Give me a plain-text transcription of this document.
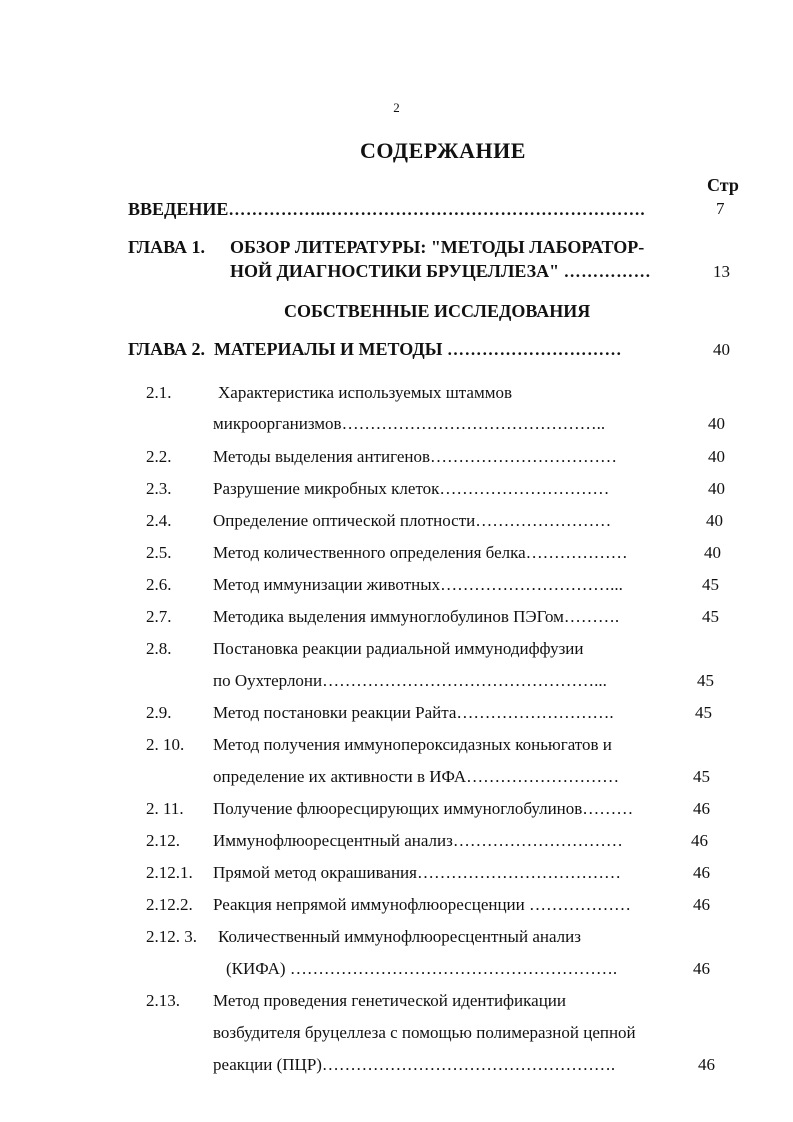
2
СОДЕРЖАНИЕ
Стр
ВВЕДЕНИЕ……………..……………………………………………….	7
ГЛАВА 1. ОБЗОР ЛИТЕРАТУРЫ: "МЕТОДЫ ЛАБОРАТОР-
НОЙ ДИАГНОСТИКИ БРУЦЕЛЛЕЗА" ……………	13
СОБСТВЕННЫЕ ИССЛЕДОВАНИЯ
ГЛАВА 2. МАТЕРИАЛЫ И МЕТОДЫ …………………………	40
2.1.	Характеристика используемых штаммов
микроорганизмов………………………………………..	40
2.2. Методы выделения антигенов……………………………	40
2.3. Разрушение микробных клеток…………………………	40
2.4. Определение оптической плотности……………………	40
2.5. Метод количественного определения белка………………	40
2.6. Метод иммунизации животных…………………………...	45
2.7. Методика выделения иммуноглобулинов ПЭГом……….	45
2.8. Постановка реакции радиальной иммунодиффузии
по Оухтерлони…………………………………………...	45
2.9. Метод постановки реакции Райта……………………….	45
2. 10. Метод получения иммунопероксидазных коньюгатов и
определение их активности в ИФА………………………	45
2. 11. Получение флюоресцирующих иммуноглобулинов………	46
2.12. Иммунофлюоресцентный анализ…………………………	46
2.12.1. Прямой метод окрашивания………………………………	46
2.12.2. Реакция непрямой иммунофлюоресценции ………………	46
2.12. 3. Количественный иммунофлюоресцентный анализ
(КИФА) ………………………………………………….	46
2.13. Метод проведения генетической идентификации
возбудителя бруцеллеза с помощью полимеразной цепной
реакции (ПЦР)…………………………………………….	46
